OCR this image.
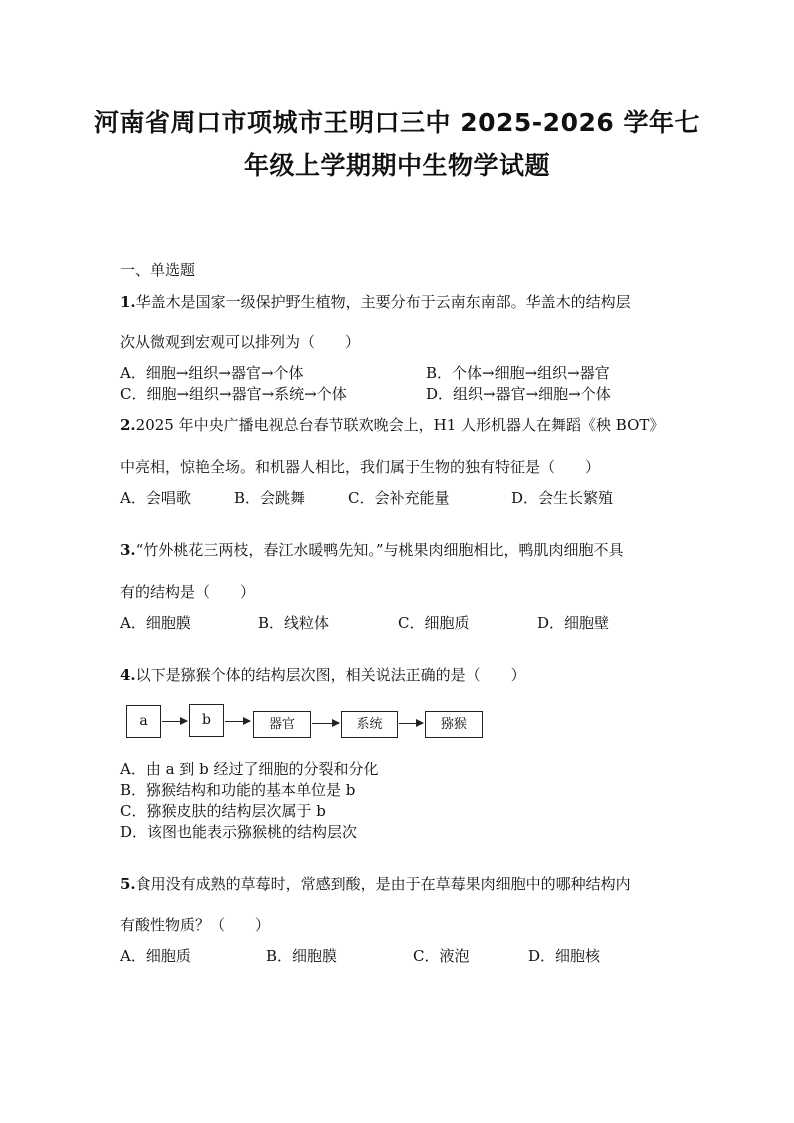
河南省周口市项城市王明口三中 2025-2026 学年七
年级上学期期中生物学试题
一、单选题
1.华盖木是国家一级保护野生植物，主要分布于云南东南部。华盖木的结构层
次从微观到宏观可以排列为（　　）
A．细胞→组织→器官→个体	B．个体→细胞→组织→器官
C．细胞→组织→器官→系统→个体	D．组织→器官→细胞→个体
2.2025 年中央广播电视总台春节联欢晚会上，H1 人形机器人在舞蹈《秧 BOT》
中亮相，惊艳全场。和机器人相比，我们属于生物的独有特征是（　　）
A．会唱歌	B．会跳舞	C．会补充能量	D．会生长繁殖
3.“竹外桃花三两枝，春江水暖鸭先知。”与桃果肉细胞相比，鸭肌肉细胞不具
有的结构是（　　）
A．细胞膜	B．线粒体	C．细胞质	D．细胞壁
4.以下是猕猴个体的结构层次图，相关说法正确的是（　　）
a	b	器官	系统	猕猴
A．由 a 到 b 经过了细胞的分裂和分化
B．猕猴结构和功能的基本单位是 b
C．猕猴皮肤的结构层次属于 b
D．该图也能表示猕猴桃的结构层次
5.食用没有成熟的草莓时，常感到酸，是由于在草莓果肉细胞中的哪种结构内
有酸性物质？（　　）
A．细胞质	B．细胞膜	C．液泡	D．细胞核
